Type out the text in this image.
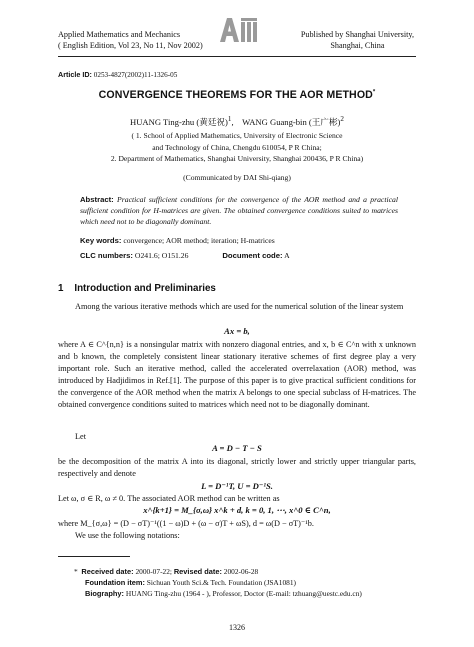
Applied Mathematics and Mechanics
( English Edition, Vol 23, No 11, Nov 2002)
Published by Shanghai University,
Shanghai, China
Article ID: 0253-4827(2002)11-1326-05
CONVERGENCE THEOREMS FOR THE AOR METHOD*
HUANG Ting-zhu (黄廷祝)$^1$,    WANG Guang-bin (王广彬)$^2$
( 1. School of Applied Mathematics, University of Electronic Science
and Technology of China, Chengdu 610054, P R China;
2. Department of Mathematics, Shanghai University, Shanghai 200436, P R China)
(Communicated by DAI Shi-qiang)
Abstract: Practical sufficient conditions for the convergence of the AOR method and a practical sufficient condition for H-matrices are given. The obtained convergence conditions suited to matrices which need not to be diagonally dominant.
Key words: convergence; AOR method; iteration; H-matrices
CLC numbers: O241.6; O151.26	Document code: A
1 Introduction and Preliminaries
Among the various iterative methods which are used for the numerical solution of the linear system
Ax = b,
where A ∈ C^{n,n} is a nonsingular matrix with nonzero diagonal entries, and x, b ∈ C^n with x unknown and b known, the completely consistent linear stationary iterative schemes of first degree play a very important role. Such an iterative method, called the accelerated overrelaxation (AOR) method, was introduced by Hadjidimos in Ref.[1]. The purpose of this paper is to give practical sufficient conditions for the convergence of the AOR method when the matrix A belongs to one special subclass of H-matrices. The obtained convergence conditions suited to matrices which need not to be diagonally dominant.
Let
A = D − T − S
be the decomposition of the matrix A into its diagonal, strictly lower and strictly upper triangular parts, respectively and denote
L = D⁻¹T, U = D⁻¹S.
Let ω, σ ∈ R, ω ≠ 0. The associated AOR method can be written as
x^{k+1} = M_{σ,ω} x^k + d, k = 0, 1, ⋯, x^0 ∈ C^n,
where M_{σ,ω} = (D − σT)⁻¹((1 − ω)D + (ω − σ)T + ωS), d = ω(D − σT)⁻¹b.
We use the following notations:
*  Received date: 2000-07-22; Revised date: 2002-06-28
Foundation item: Sichuan Youth Sci.& Tech. Foundation (JSA1081)
Biography: HUANG Ting-zhu (1964 - ), Professor, Doctor (E-mail: tzhuang@uestc.edu.cn)
1326
